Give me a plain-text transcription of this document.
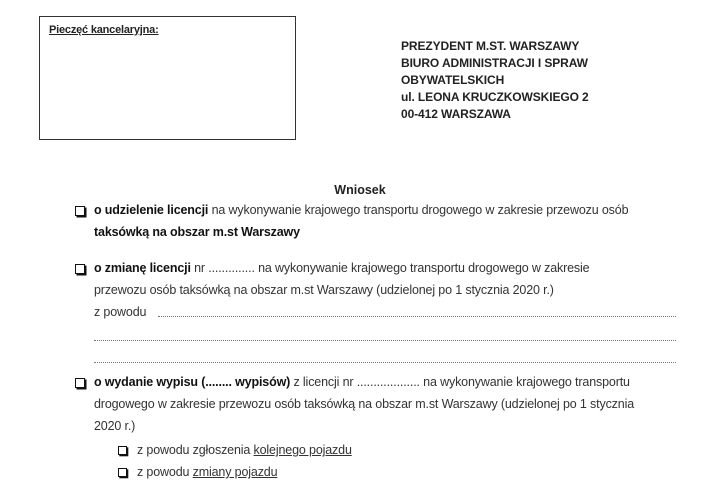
Pieczęć kancelaryjna:
PREZYDENT M.ST. WARSZAWY
BIURO ADMINISTRACJI I SPRAW
OBYWATELSKICH
ul. LEONA KRUCZKOWSKIEGO 2
00-412 WARSZAWA
Wniosek
o udzielenie licencji na wykonywanie krajowego transportu drogowego w zakresie przewozu osób
taksówką na obszar m.st Warszawy
o zmianę licencji nr .............. na wykonywanie krajowego transportu drogowego w zakresie
przewozu osób taksówką na obszar m.st Warszawy (udzielonej po 1 stycznia 2020 r.)
z powodu
o wydanie wypisu (........ wypisów) z licencji nr ................... na wykonywanie krajowego transportu
drogowego w zakresie przewozu osób taksówką na obszar m.st Warszawy (udzielonej po 1 stycznia
2020 r.)
z powodu zgłoszenia kolejnego pojazdu
z powodu zmiany pojazdu
